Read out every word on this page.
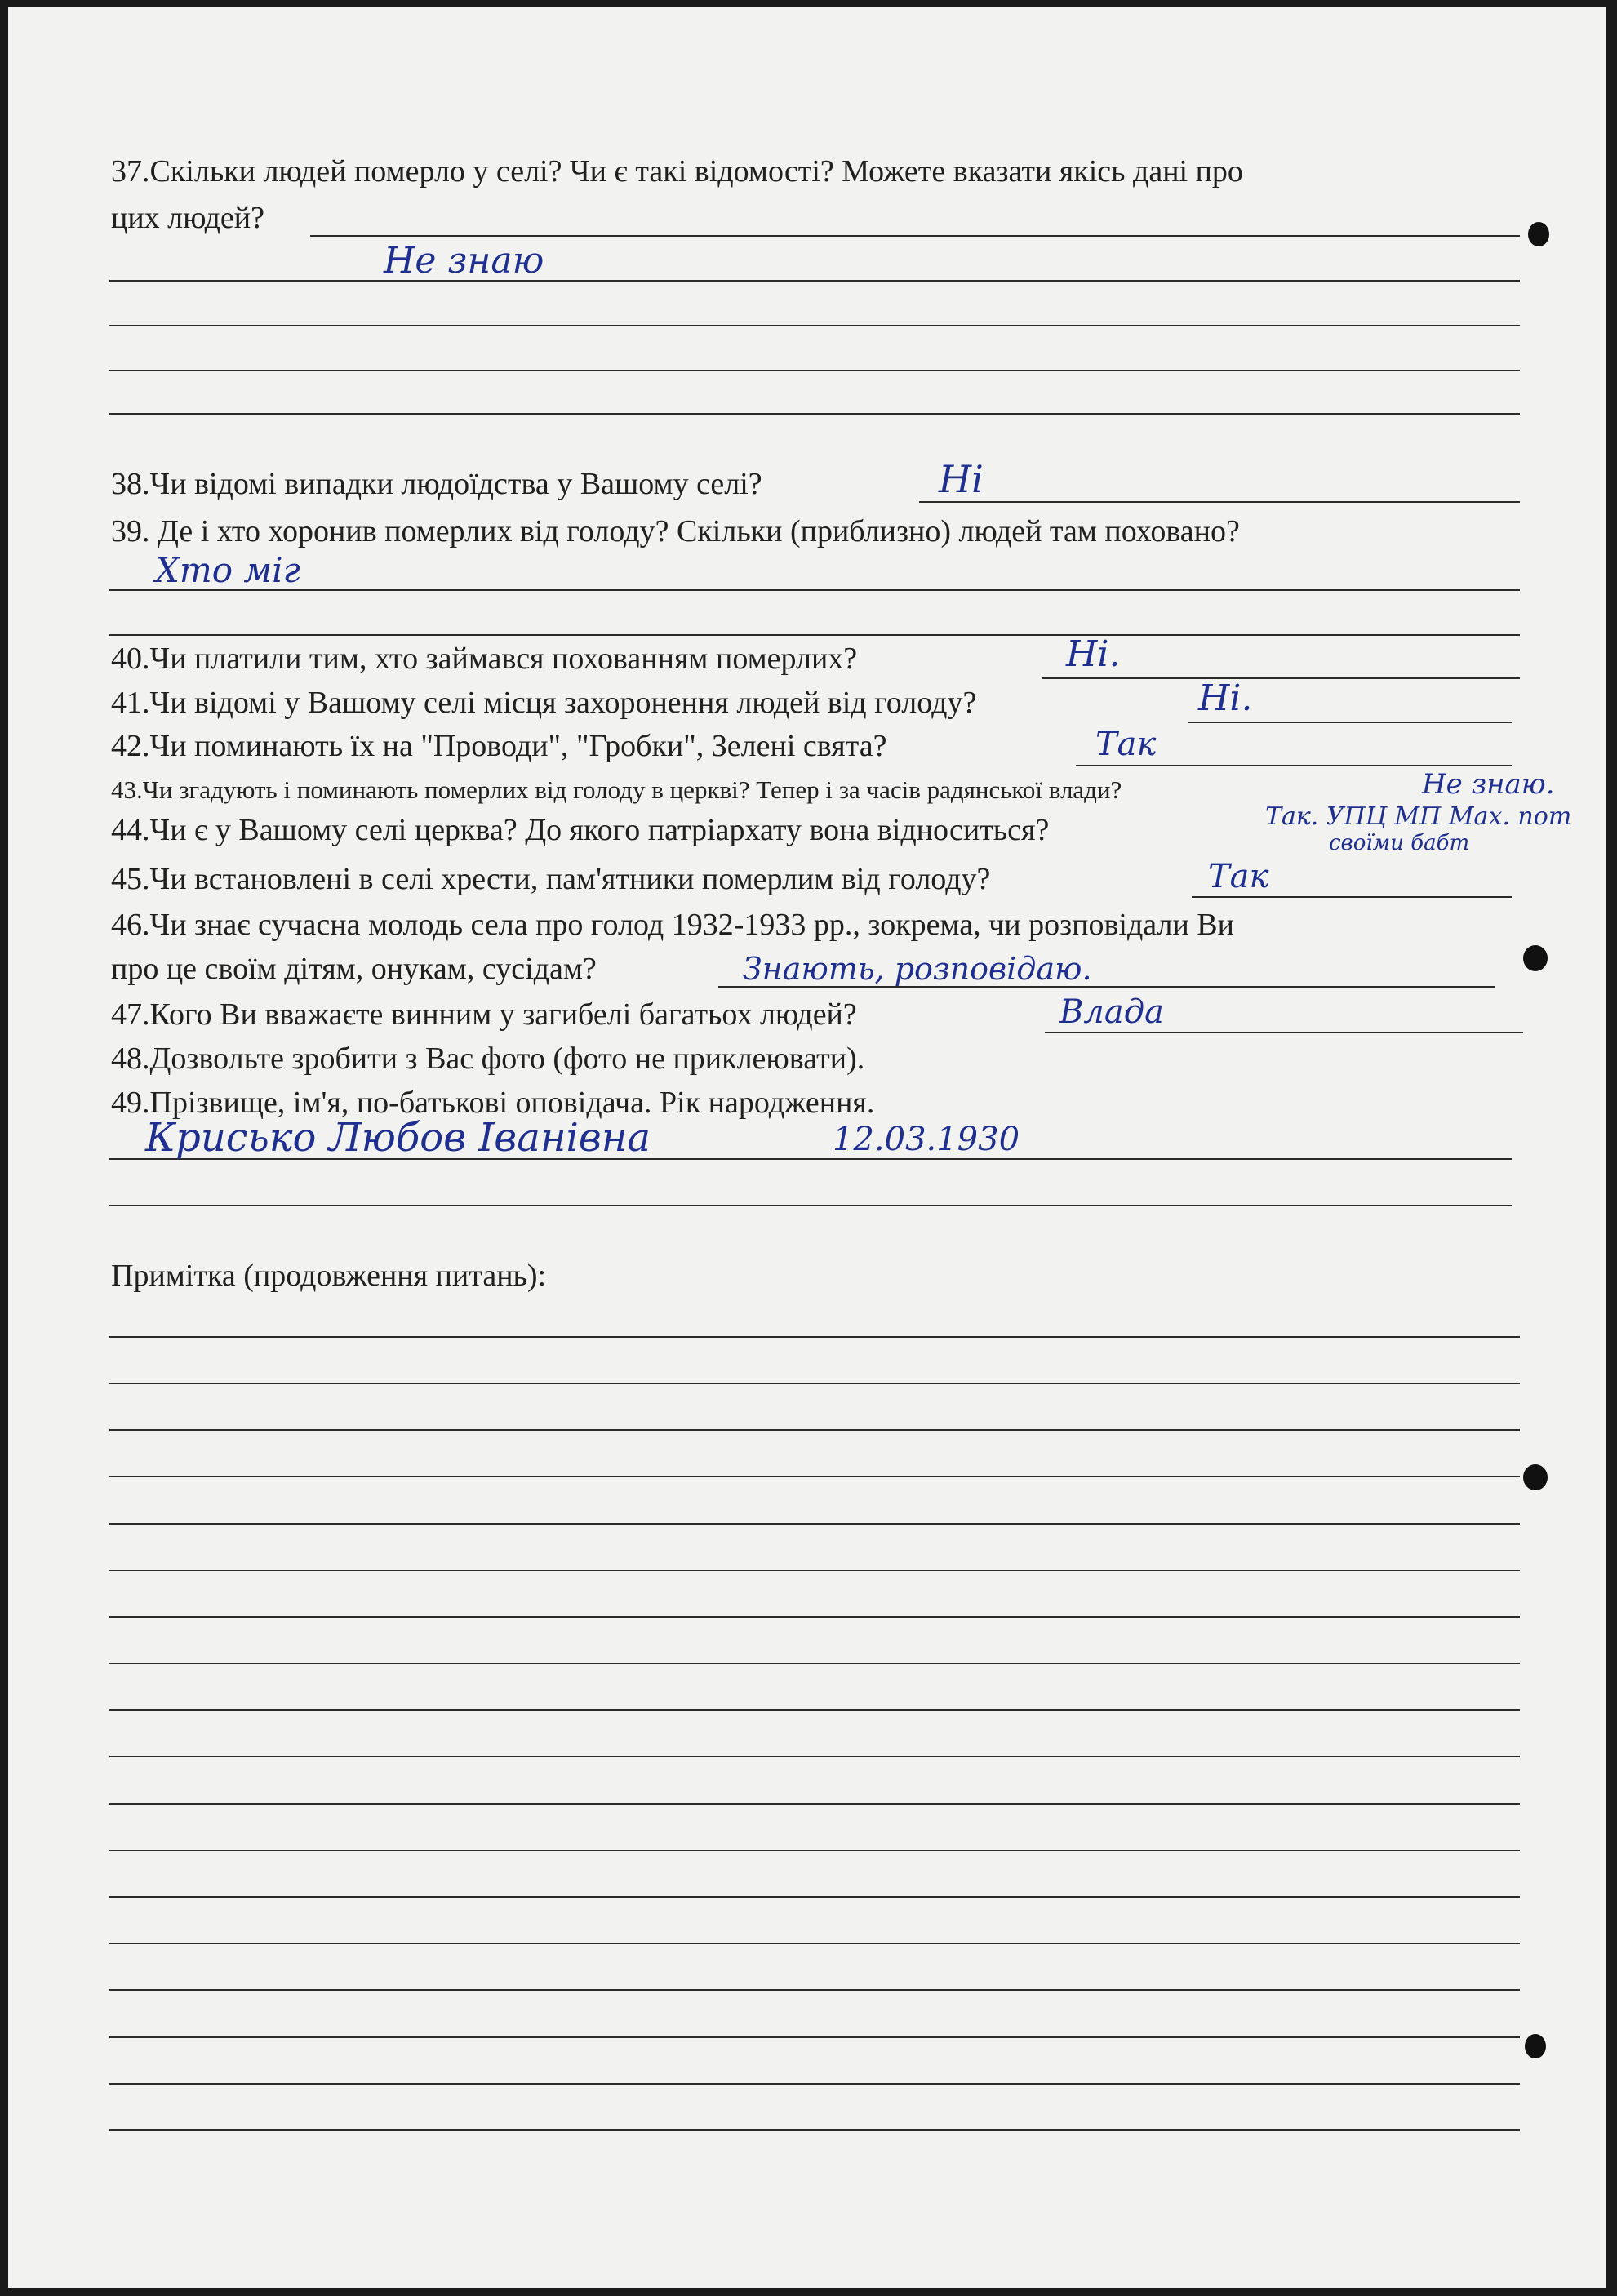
37.Скільки людей померло у селі? Чи є такі відомості? Можете вказати якісь дані про
цих людей?
Не знаю
38.Чи відомі випадки людоїдства у Вашому селі?	Ні
39. Де і хто хоронив померлих від голоду? Скільки (приблизно) людей там поховано?
Хто міг
40.Чи платили тим, хто займався похованням померлих?	Ні.
41.Чи відомі у Вашому селі місця захоронення людей від голоду?	Ні.
42.Чи поминають їх на "Проводи", "Гробки", Зелені свята?	Так
43.Чи згадують і поминають померлих від голоду в церкві? Тепер і за часів радянської влади?	Не знаю.
44.Чи є у Вашому селі церква? До якого патріархату вона відноситься?	Так. УПЦ МП Мах. пот
своїми бабт
45.Чи встановлені в селі хрести, пам'ятники померлим від голоду?	Так
46.Чи знає сучасна молодь села про голод 1932-1933 рр., зокрема, чи розповідали Ви
про це своїм дітям, онукам, сусідам?	Знають, розповідаю.
47.Кого Ви вважаєте винним у загибелі багатьох людей?	Влада
48.Дозвольте зробити з Вас фото (фото не приклеювати).
49.Прізвище, ім'я, по-батькові оповідача. Рік народження.
Крисько Любов Іванівна	12.03.1930
Примітка (продовження питань):
